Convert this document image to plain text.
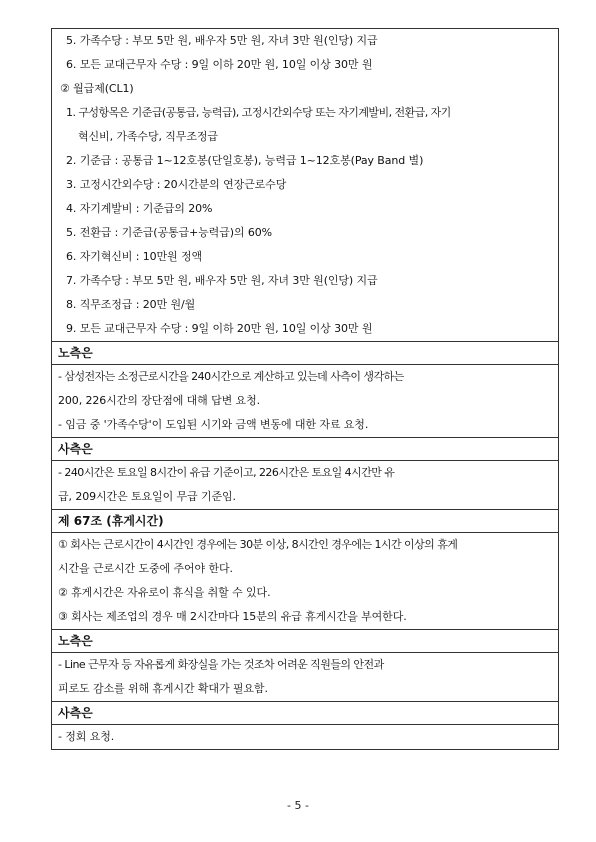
5. 가족수당 : 부모 5만 원, 배우자 5만 원, 자녀 3만 원(인당) 지급
6. 모든 교대근무자 수당 : 9일 이하 20만 원, 10일 이상 30만 원
② 월급제(CL1)
1. 구성항목은 기준급(공통급, 능력급), 고정시간외수당 또는 자기계발비, 전환급, 자기
혁신비, 가족수당, 직무조정급
2. 기준급 : 공통급 1~12호봉(단일호봉), 능력급 1~12호봉(Pay Band 별)
3. 고정시간외수당 : 20시간분의 연장근로수당
4. 자기계발비 : 기준급의 20%
5. 전환급 : 기준급(공통급+능력급)의 60%
6. 자기혁신비 : 10만원 정액
7. 가족수당 : 부모 5만 원, 배우자 5만 원, 자녀 3만 원(인당) 지급
8. 직무조정급 : 20만 원/월
9. 모든 교대근무자 수당 : 9일 이하 20만 원, 10일 이상 30만 원
노측은
- 삼성전자는 소정근로시간을 240시간으로 계산하고 있는데 사측이 생각하는
200, 226시간의 장단점에 대해 답변 요청.
- 임금 중 '가족수당'이 도입된 시기와 금액 변동에 대한 자료 요청.
사측은
- 240시간은 토요일 8시간이 유급 기준이고, 226시간은 토요일 4시간만 유
급, 209시간은 토요일이 무급 기준임.
제 67조 (휴게시간)
① 회사는 근로시간이 4시간인 경우에는 30분 이상, 8시간인 경우에는 1시간 이상의 휴게
시간을 근로시간 도중에 주어야 한다.
② 휴게시간은 자유로이 휴식을 취할 수 있다.
③ 회사는 제조업의 경우 매 2시간마다 15분의 유급 휴게시간을 부여한다.
노측은
- Line 근무자 등 자유롭게 화장실을 가는 것조차 어려운 직원들의 안전과
피로도 감소를 위해 휴게시간 확대가 필요함.
사측은
- 정회 요청.
- 5 -
